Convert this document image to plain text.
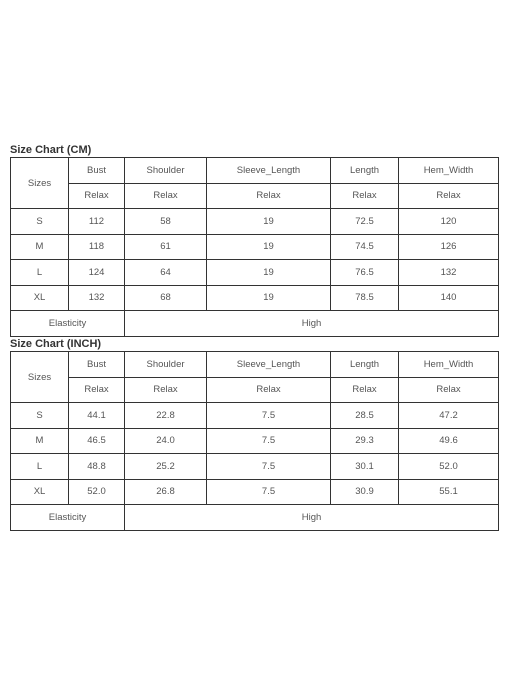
Size Chart (CM)
Sizes	Bust	Shoulder	Sleeve_Length	Length	Hem_Width
	Relax	Relax	Relax	Relax	Relax
S	112	58	19	72.5	120
M	118	61	19	74.5	126
L	124	64	19	76.5	132
XL	132	68	19	78.5	140
Elasticity		High			
Size Chart (INCH)
Sizes	Bust	Shoulder	Sleeve_Length	Length	Hem_Width
	Relax	Relax	Relax	Relax	Relax
S	44.1	22.8	7.5	28.5	47.2
M	46.5	24.0	7.5	29.3	49.6
L	48.8	25.2	7.5	30.1	52.0
XL	52.0	26.8	7.5	30.9	55.1
Elasticity		High			
